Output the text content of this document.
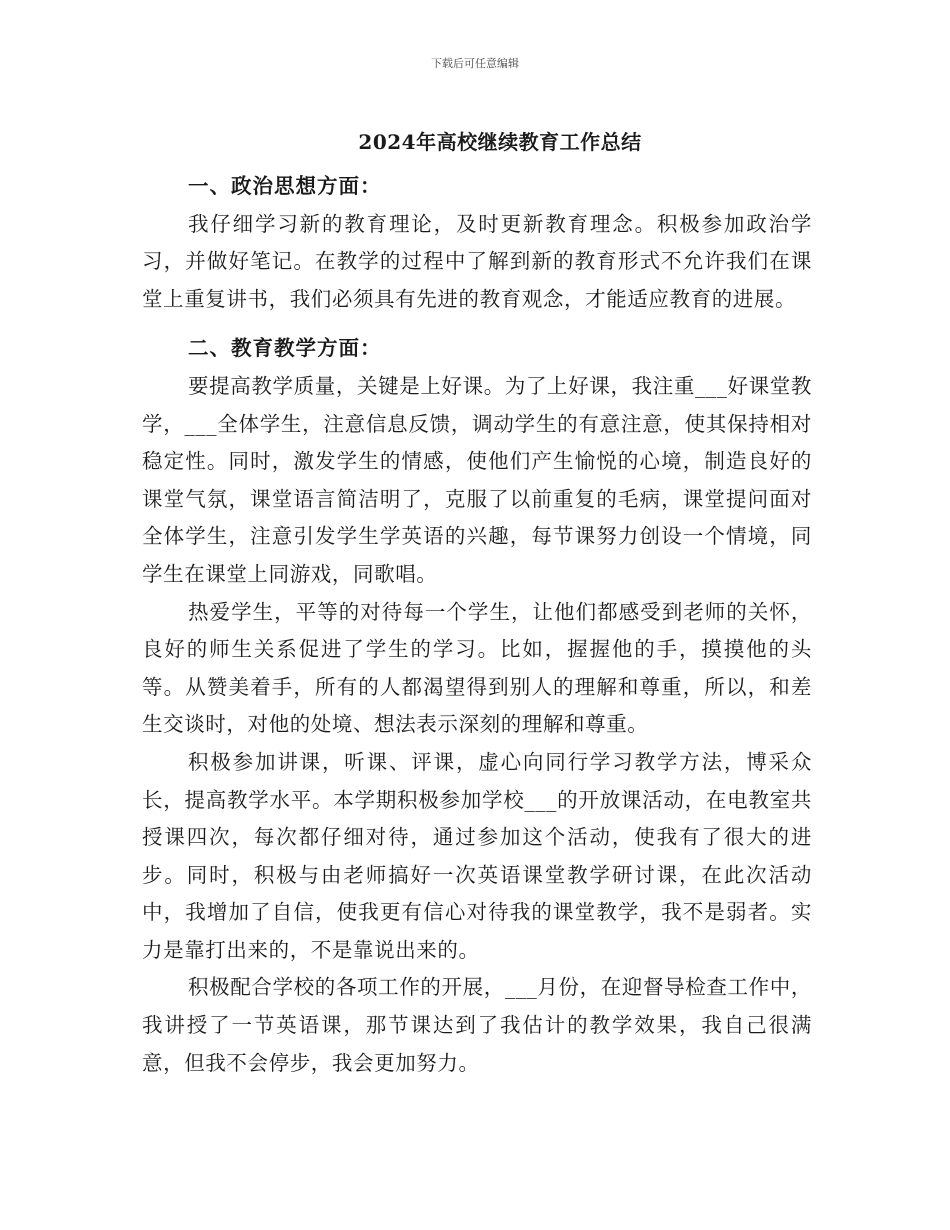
下载后可任意编辑
2024年高校继续教育工作总结

一、政治思想方面：

我仔细学习新的教育理论，及时更新教育理念。积极参加政治学习，并做好笔记。在教学的过程中了解到新的教育形式不允许我们在课堂上重复讲书，我们必须具有先进的教育观念，才能适应教育的进展。

二、教育教学方面：

要提高教学质量，关键是上好课。为了上好课，我注重___好课堂教学，___全体学生，注意信息反馈，调动学生的有意注意，使其保持相对稳定性。同时，激发学生的情感，使他们产生愉悦的心境，制造良好的课堂气氛，课堂语言简洁明了，克服了以前重复的毛病，课堂提问面对全体学生，注意引发学生学英语的兴趣，每节课努力创设一个情境，同学生在课堂上同游戏，同歌唱。

热爱学生，平等的对待每一个学生，让他们都感受到老师的关怀，良好的师生关系促进了学生的学习。比如，握握他的手，摸摸他的头等。从赞美着手，所有的人都渴望得到别人的理解和尊重，所以，和差生交谈时，对他的处境、想法表示深刻的理解和尊重。

积极参加讲课，听课、评课，虚心向同行学习教学方法，博采众长，提高教学水平。本学期积极参加学校___的开放课活动，在电教室共授课四次，每次都仔细对待，通过参加这个活动，使我有了很大的进步。同时，积极与由老师搞好一次英语课堂教学研讨课，在此次活动中，我增加了自信，使我更有信心对待我的课堂教学，我不是弱者。实力是靠打出来的，不是靠说出来的。

积极配合学校的各项工作的开展，___月份，在迎督导检查工作中，我讲授了一节英语课，那节课达到了我估计的教学效果，我自己很满意，但我不会停步，我会更加努力。
